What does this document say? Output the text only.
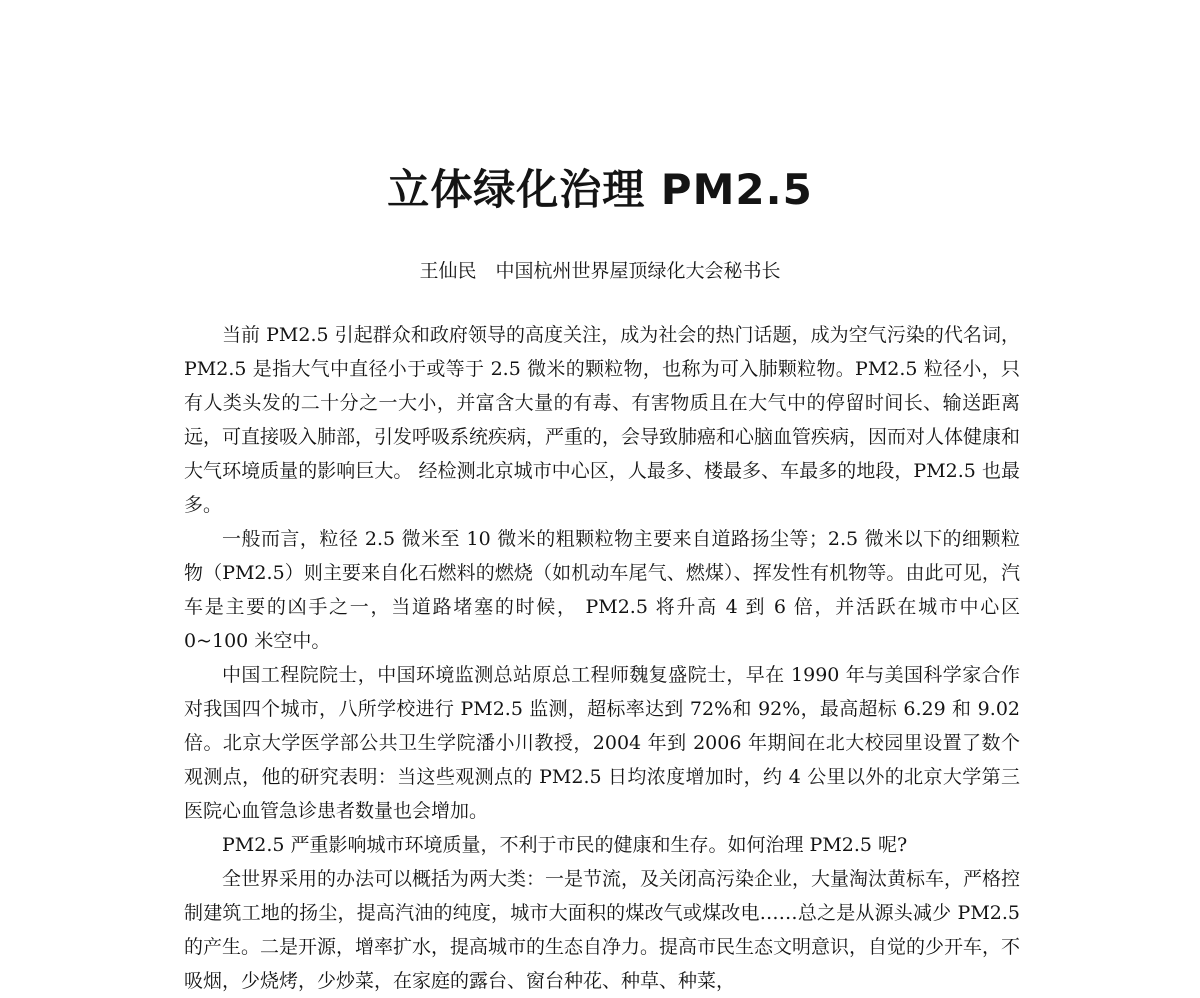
立体绿化治理 PM2.5
王仙民　中国杭州世界屋顶绿化大会秘书长

当前 PM2.5 引起群众和政府领导的高度关注，成为社会的热门话题，成为空气污染的代名词，PM2.5 是指大气中直径小于或等于 2.5 微米的颗粒物，也称为可入肺颗粒物。PM2.5 粒径小，只有人类头发的二十分之一大小，并富含大量的有毒、有害物质且在大气中的停留时间长、输送距离远，可直接吸入肺部，引发呼吸系统疾病，严重的，会导致肺癌和心脑血管疾病，因而对人体健康和大气环境质量的影响巨大。 经检测北京城市中心区，人最多、楼最多、车最多的地段，PM2.5 也最多。

一般而言，粒径 2.5 微米至 10 微米的粗颗粒物主要来自道路扬尘等；2.5 微米以下的细颗粒物（PM2.5）则主要来自化石燃料的燃烧（如机动车尾气、燃煤）、挥发性有机物等。由此可见，汽车是主要的凶手之一，当道路堵塞的时候， PM2.5 将升高 4 到 6 倍，并活跃在城市中心区 0~100 米空中。

中国工程院院士，中国环境监测总站原总工程师魏复盛院士，早在 1990 年与美国科学家合作对我国四个城市，八所学校进行 PM2.5 监测，超标率达到 72%和 92%，最高超标 6.29 和 9.02 倍。北京大学医学部公共卫生学院潘小川教授，2004 年到 2006 年期间在北大校园里设置了数个观测点，他的研究表明：当这些观测点的 PM2.5 日均浓度增加时，约 4 公里以外的北京大学第三医院心血管急诊患者数量也会增加。

PM2.5 严重影响城市环境质量，不利于市民的健康和生存。如何治理 PM2.5 呢?

全世界采用的办法可以概括为两大类：一是节流，及关闭高污染企业，大量淘汰黄标车，严格控制建筑工地的扬尘，提高汽油的纯度，城市大面积的煤改气或煤改电……总之是从源头减少 PM2.5 的产生。二是开源，增率扩水，提高城市的生态自净力。提高市民生态文明意识，自觉的少开车，不吸烟，少烧烤，少炒菜，在家庭的露台、窗台种花、种草、种菜，
